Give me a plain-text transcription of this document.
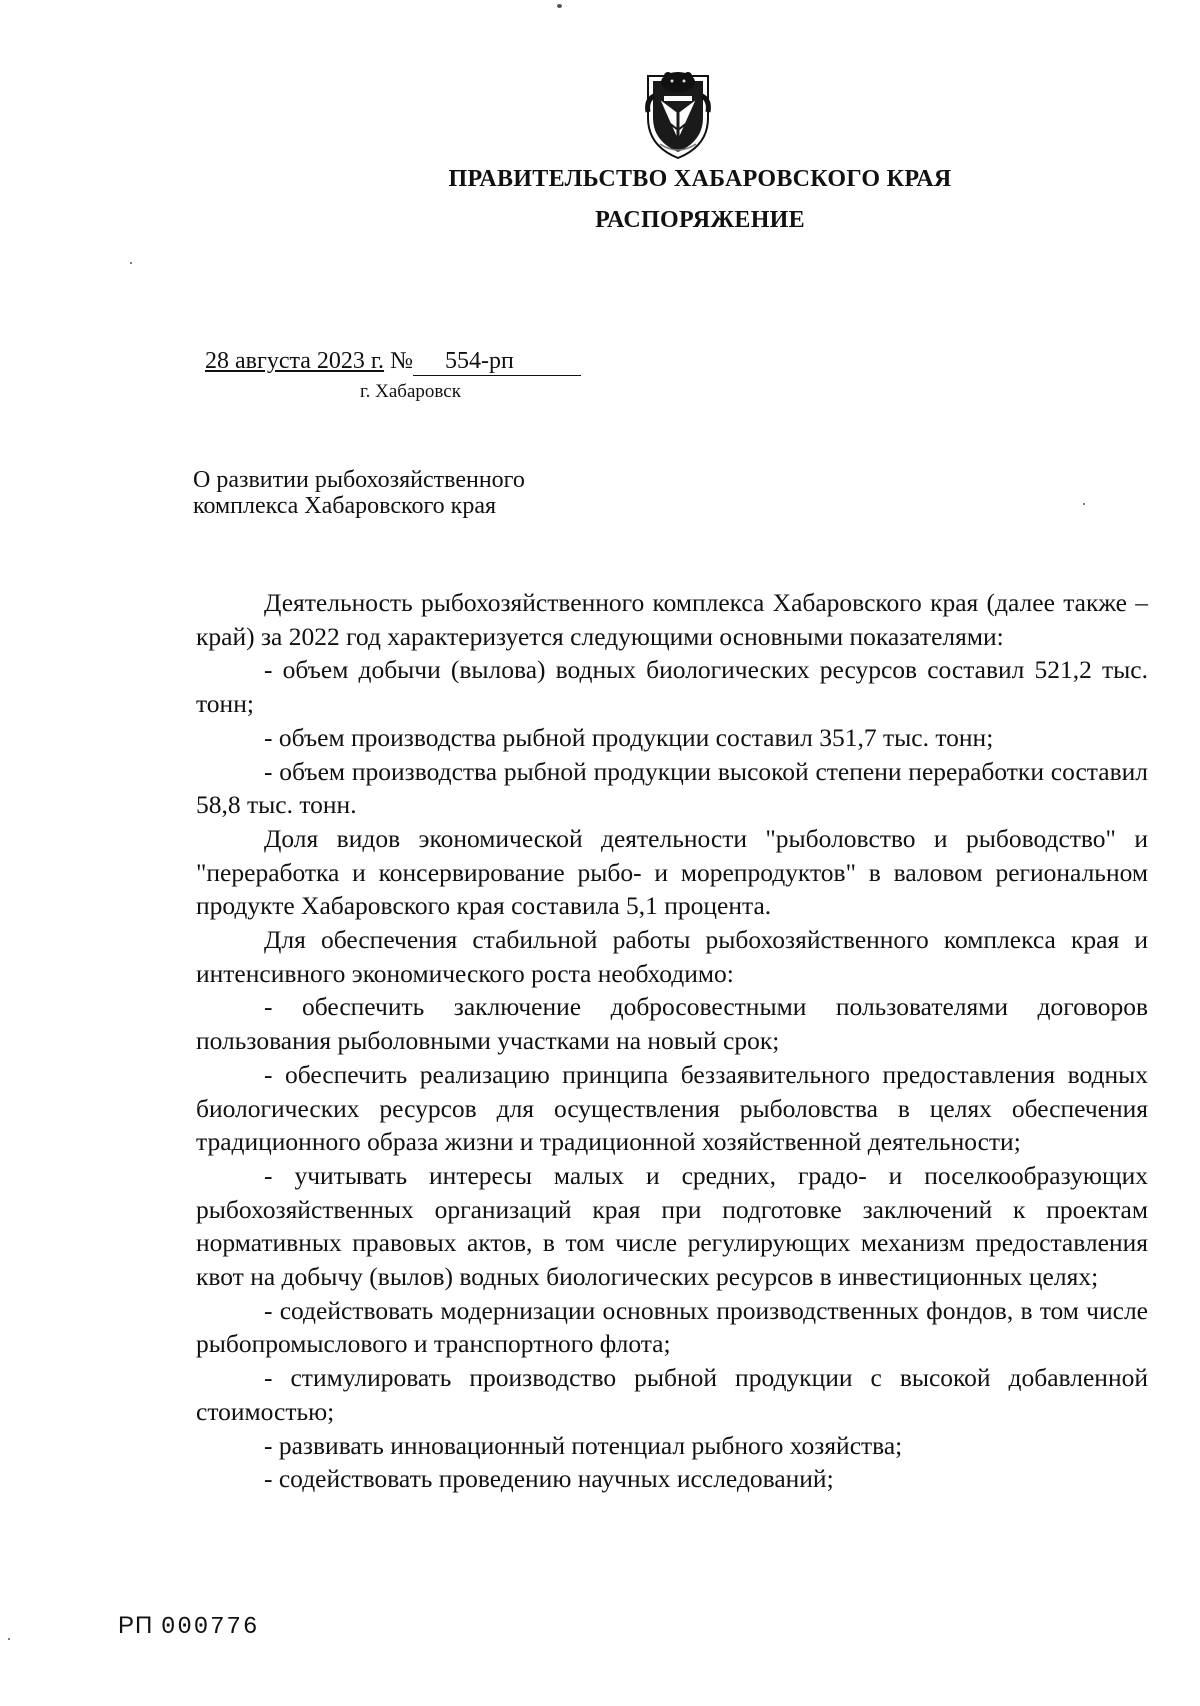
ПРАВИТЕЛЬСТВО ХАБАРОВСКОГО КРАЯ
РАСПОРЯЖЕНИЕ
28 августа 2023 г. № 554-рп
г. Хабаровск
О развитии рыбохозяйственного
комплекса Хабаровского края

Деятельность рыбохозяйственного комплекса Хабаровского края (далее также – край) за 2022 год характеризуется следующими основными показателями:

- объем добычи (вылова) водных биологических ресурсов составил 521,2 тыс. тонн;

- объем производства рыбной продукции составил 351,7 тыс. тонн;

- объем производства рыбной продукции высокой степени переработки составил 58,8 тыс. тонн.

Доля видов экономической деятельности "рыболовство и рыбоводство" и "переработка и консервирование рыбо- и морепродуктов" в валовом региональном продукте Хабаровского края составила 5,1 процента.

Для обеспечения стабильной работы рыбохозяйственного комплекса края и интенсивного экономического роста необходимо:

- обеспечить заключение добросовестными пользователями договоров пользования рыболовными участками на новый срок;

- обеспечить реализацию принципа беззаявительного предоставления водных биологических ресурсов для осуществления рыболовства в целях обеспечения традиционного образа жизни и традиционной хозяйственной деятельности;

- учитывать интересы малых и средних, градо- и поселкообразующих рыбохозяйственных организаций края при подготовке заключений к проектам нормативных правовых актов, в том числе регулирующих механизм предоставления квот на добычу (вылов) водных биологических ресурсов в инвестиционных целях;

- содействовать модернизации основных производственных фондов, в том числе рыбопромыслового и транспортного флота;

- стимулировать производство рыбной продукции с высокой добавленной стоимостью;

- развивать инновационный потенциал рыбного хозяйства;

- содействовать проведению научных исследований;

РП 000776
